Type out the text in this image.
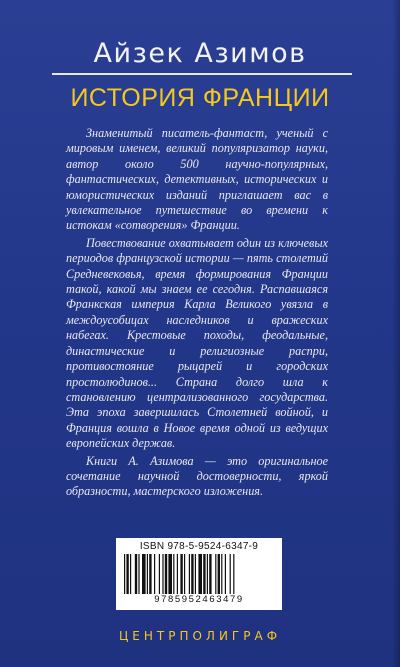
Айзек Азимов
ИСТОРИЯ ФРАНЦИИ

Знаменитый писатель-фантаст, ученый с мировым именем, великий популяризатор науки, автор около 500 научно-популярных, фантастических, детективных, исторических и юмористических изданий приглашает вас в увлекательное путешествие во времени к истокам «сотворения» Франции.

Повествование охватывает один из ключевых периодов французской истории — пять столетий Средневековья, время формирования Франции такой, какой мы знаем ее сегодня. Распавшаяся Франкская империя Карла Великого увязла в междоусобицах наследников и вражеских набегах. Крестовые походы, феодальные, династические и религиозные распри, противостояние рыцарей и городских простолюдинов... Страна долго шла к становлению централизованного государства. Эта эпоха завершилась Столетней войной, и Франция вошла в Новое время одной из ведущих европейских держав.

Книги А. Азимова — это оригинальное сочетание научной достоверности, яркой образности, мастерского изложения.

ISBN 978-5-9524-6347-9
9785952463479
ЦЕНТРПОЛИГРАФ
